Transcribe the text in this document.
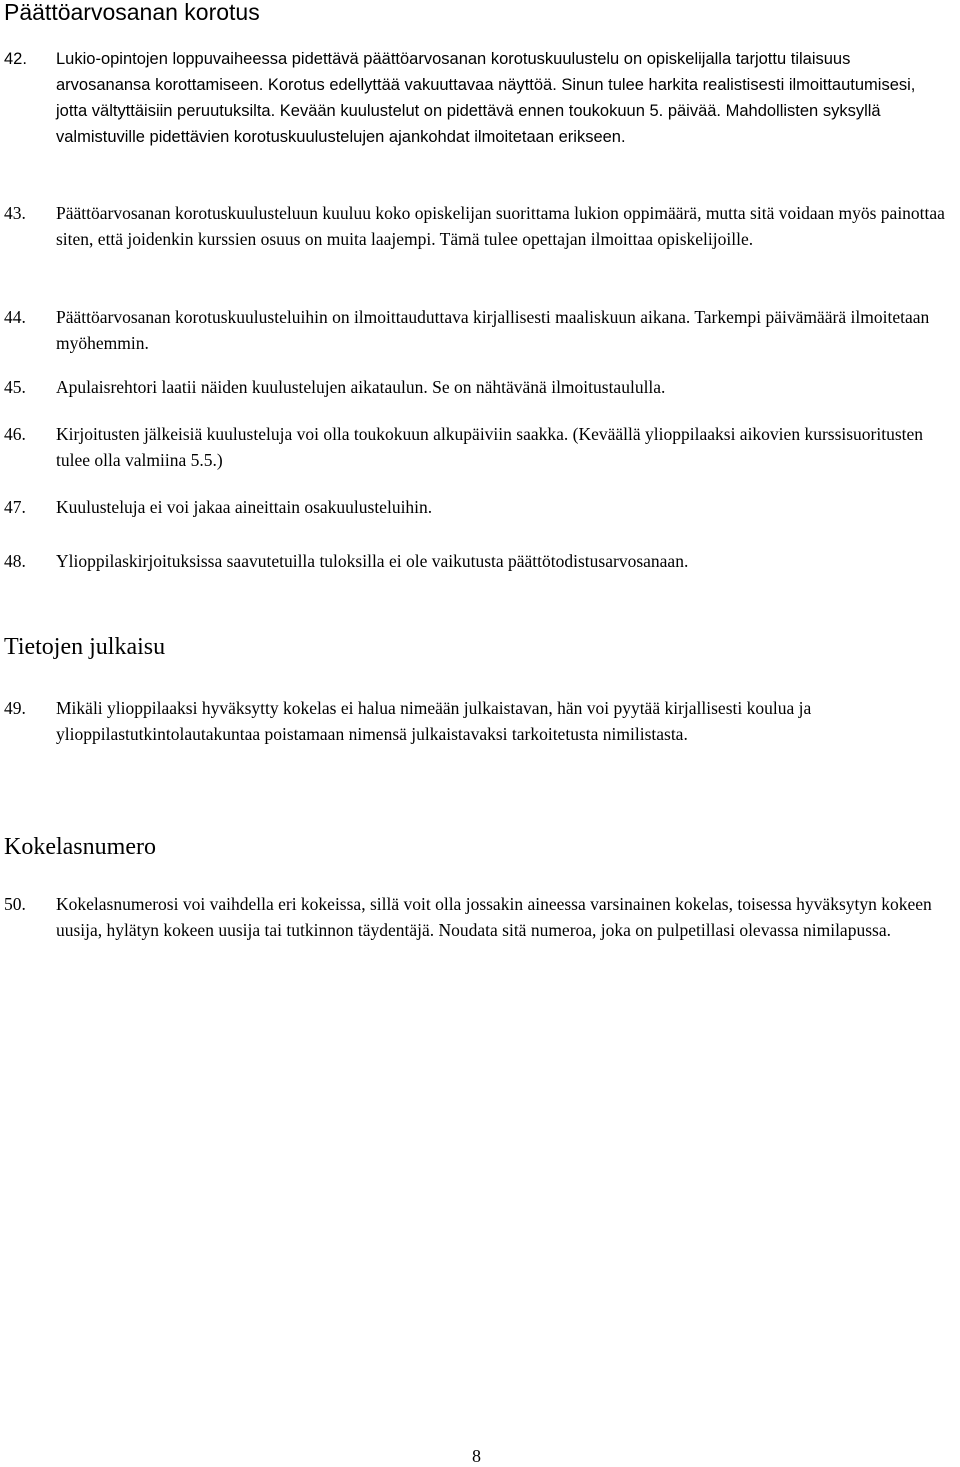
Päättöarvosanan korotus
42. Lukio-opintojen loppuvaiheessa pidettävä päättöarvosanan korotuskuulustelu on opiskelijalla tarjottu tilaisuus arvosanansa korottamiseen. Korotus edellyttää vakuuttavaa näyttöä. Sinun tulee harkita realistisesti ilmoittautumisesi, jotta vältyttäisiin peruutuksilta. Kevään kuulustelut on pidettävä ennen toukokuun 5. päivää. Mahdollisten syksyllä valmistuville pidettävien korotuskuulustelujen ajankohdat ilmoitetaan erikseen.
43. Päättöarvosanan korotuskuulusteluun kuuluu koko opiskelijan suorittama lukion oppimäärä, mutta sitä voidaan myös painottaa siten, että joidenkin kurssien osuus on muita laajempi. Tämä tulee opettajan ilmoittaa opiskelijoille.
44. Päättöarvosanan korotuskuulusteluihin on ilmoittauduttava kirjallisesti maaliskuun aikana. Tarkempi päivämäärä ilmoitetaan myöhemmin.
45. Apulaisrehtori laatii näiden kuulustelujen aikataulun. Se on nähtävänä ilmoitustaululla.
46. Kirjoitusten jälkeisiä kuulusteluja voi olla toukokuun alkupäiviin saakka. (Keväällä ylioppilaaksi aikovien kurssisuoritusten tulee olla valmiina 5.5.)
47. Kuulusteluja ei voi jakaa aineittain osakuulusteluihin.
48. Ylioppilaskirjoituksissa saavutetuilla tuloksilla ei ole vaikutusta päättötodistusarvosanaan.
Tietojen julkaisu
49. Mikäli ylioppilaaksi hyväksytty kokelas ei halua nimeään julkaistavan, hän voi pyytää kirjallisesti koulua ja ylioppilastutkintolautakuntaa poistamaan nimensä julkaistavaksi tarkoitetusta nimilistasta.
Kokelasnumero
50. Kokelasnumerosi voi vaihdella eri kokeissa, sillä voit olla jossakin aineessa varsinainen kokelas, toisessa hyväksytyn kokeen uusija, hylätyn kokeen uusija tai tutkinnon täydentäjä. Noudata sitä numeroa, joka on pulpetillasi olevassa nimilapussa.
8
